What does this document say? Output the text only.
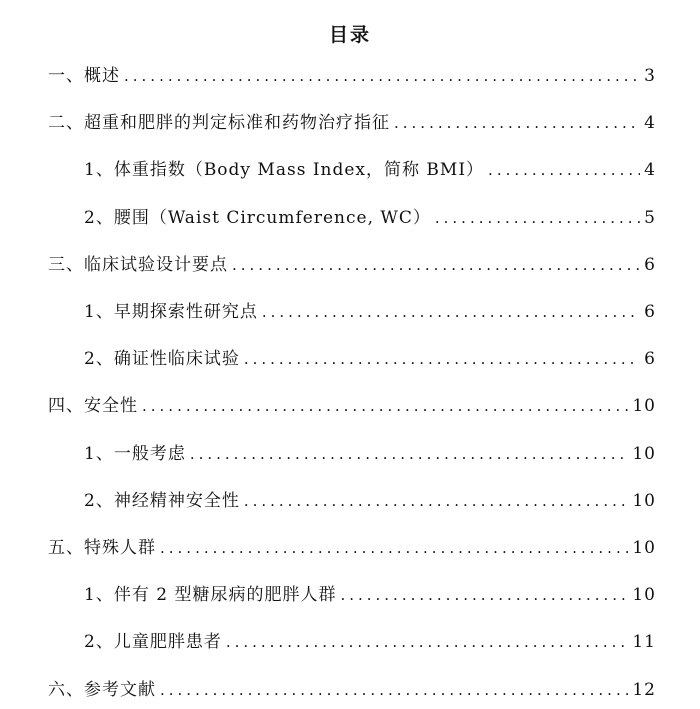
目录
一、概述 .....	3
二、超重和肥胖的判定标准和药物治疗指征 .....	4
1、体重指数（Body Mass Index，简称 BMI） .....	4
2、腰围（Waist Circumference, WC） .....	5
三、临床试验设计要点 .....	6
1、早期探索性研究点 .....	6
2、确证性临床试验 .....	6
四、安全性 .....	10
1、一般考虑 .....	10
2、神经精神安全性 .....	10
五、特殊人群 .....	10
1、伴有 2 型糖尿病的肥胖人群 .....	10
2、儿童肥胖患者 .....	11
六、参考文献 .....	12
